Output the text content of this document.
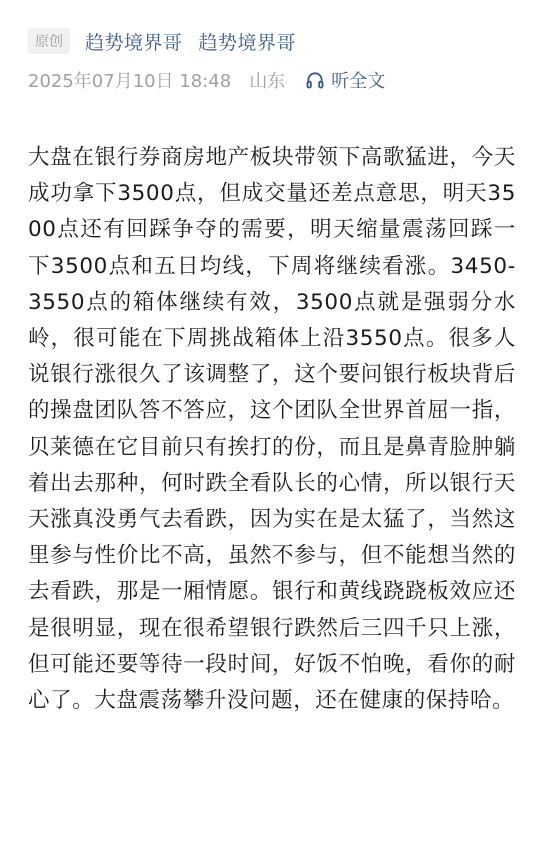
原创	趋势境界哥 趋势境界哥
2025年07月10日 18:48 山东	听全文

大盘在银行券商房地产板块带领下高歌猛进，今天成功拿下3500点，但成交量还差点意思，明天3500点还有回踩争夺的需要，明天缩量震荡回踩一下3500点和五日均线，下周将继续看涨。3450-3550点的箱体继续有效，3500点就是强弱分水岭，很可能在下周挑战箱体上沿3550点。很多人说银行涨很久了该调整了，这个要问银行板块背后的操盘团队答不答应，这个团队全世界首屈一指，贝莱德在它目前只有挨打的份，而且是鼻青脸肿躺着出去那种，何时跌全看队长的心情，所以银行天天涨真没勇气去看跌，因为实在是太猛了，当然这里参与性价比不高，虽然不参与，但不能想当然的去看跌，那是一厢情愿。银行和黄线跷跷板效应还是很明显，现在很希望银行跌然后三四千只上涨，但可能还要等待一段时间，好饭不怕晚，看你的耐心了。大盘震荡攀升没问题，还在健康的保持哈。
